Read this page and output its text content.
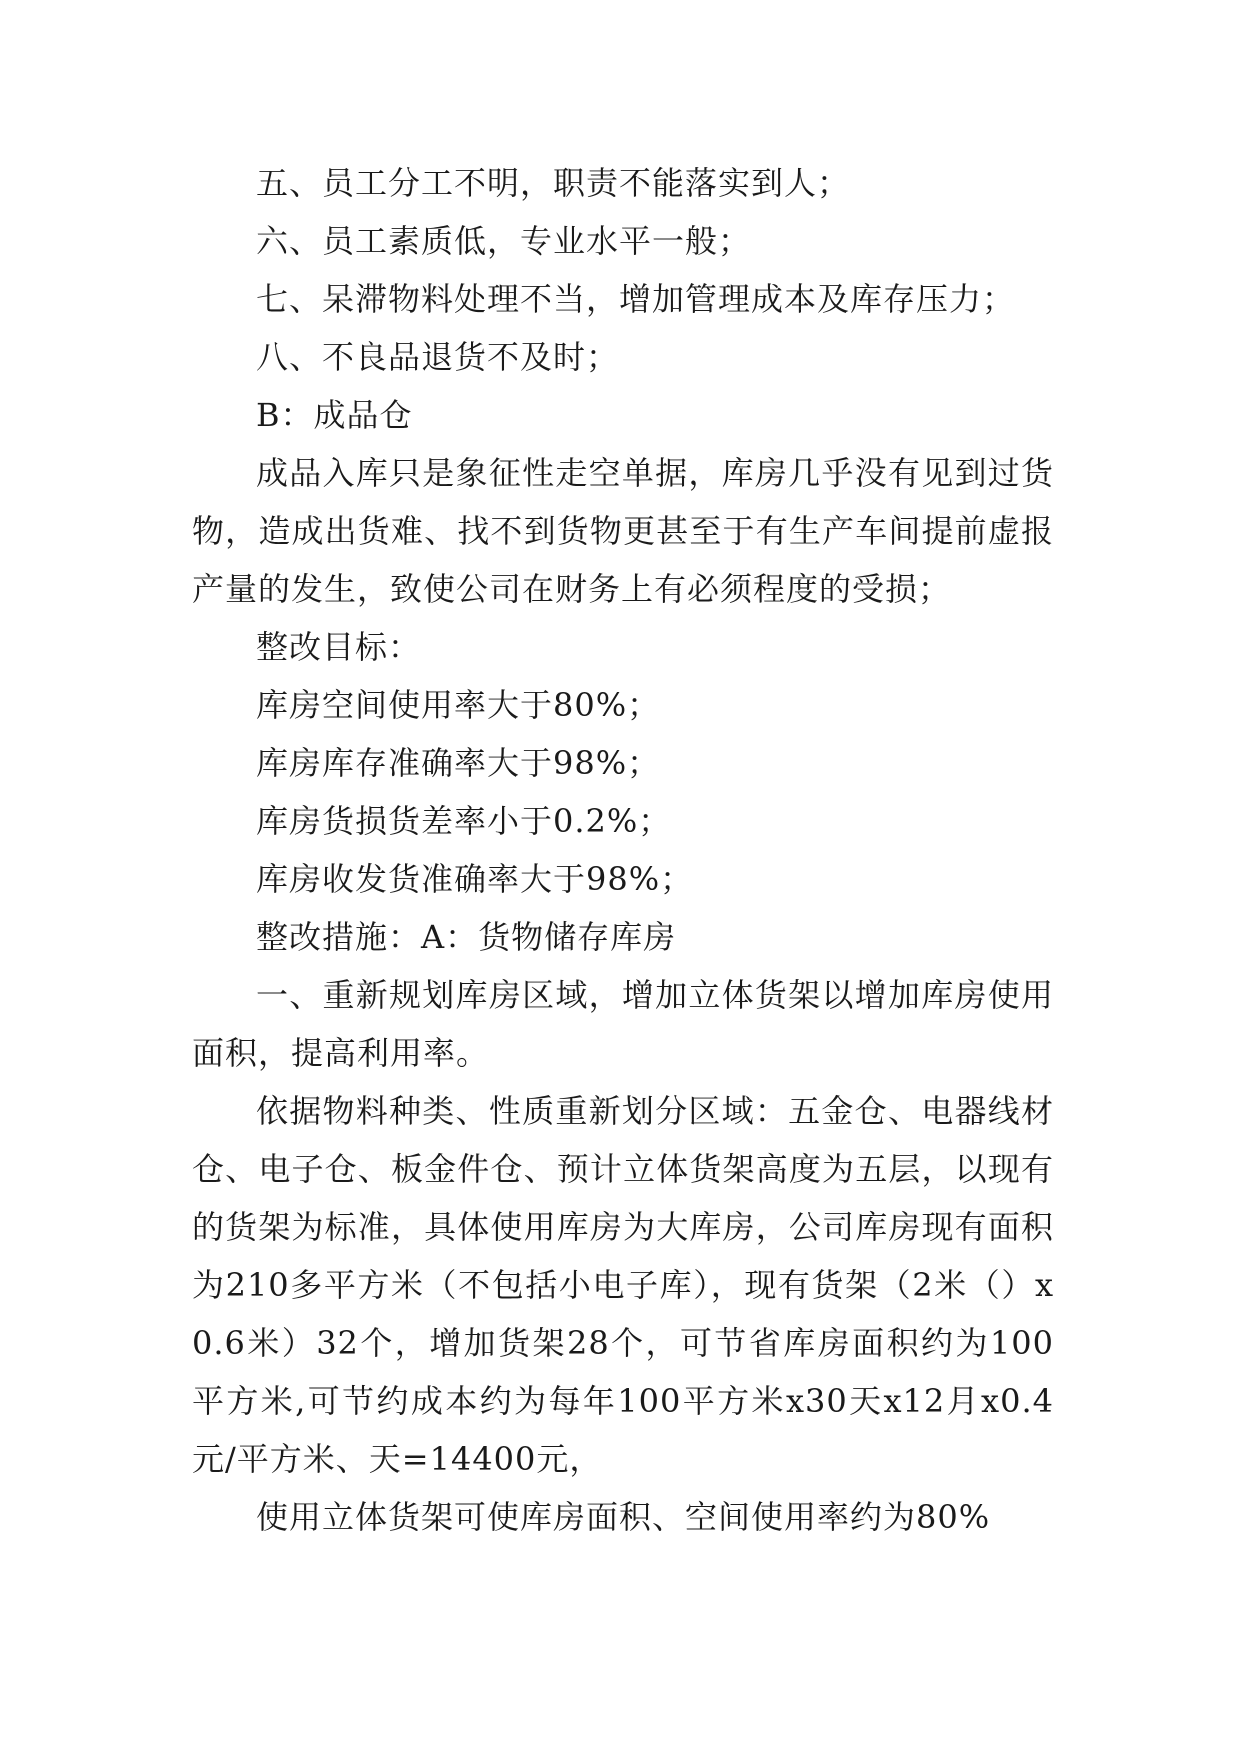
五、员工分工不明，职责不能落实到人；

六、员工素质低，专业水平一般；

七、呆滞物料处理不当，增加管理成本及库存压力；

八、不良品退货不及时；

B：成品仓

成品入库只是象征性走空单据，库房几乎没有见到过货物，造成出货难、找不到货物更甚至于有生产车间提前虚报产量的发生，致使公司在财务上有必须程度的受损；

整改目标：

库房空间使用率大于80%；

库房库存准确率大于98%；

库房货损货差率小于0.2%；

库房收发货准确率大于98%；

整改措施：A：货物储存库房

一、重新规划库房区域，增加立体货架以增加库房使用面积，提高利用率。

依据物料种类、性质重新划分区域：五金仓、电器线材仓、电子仓、板金件仓、预计立体货架高度为五层，以现有的货架为标准，具体使用库房为大库房，公司库房现有面积为210多平方米（不包括小电子库），现有货架（2米（）x0.6米）32个，增加货架28个，可节省库房面积约为100平方米,可节约成本约为每年100平方米x30天x12月x0.4元/平方米、天=14400元，

使用立体货架可使库房面积、空间使用率约为80%
